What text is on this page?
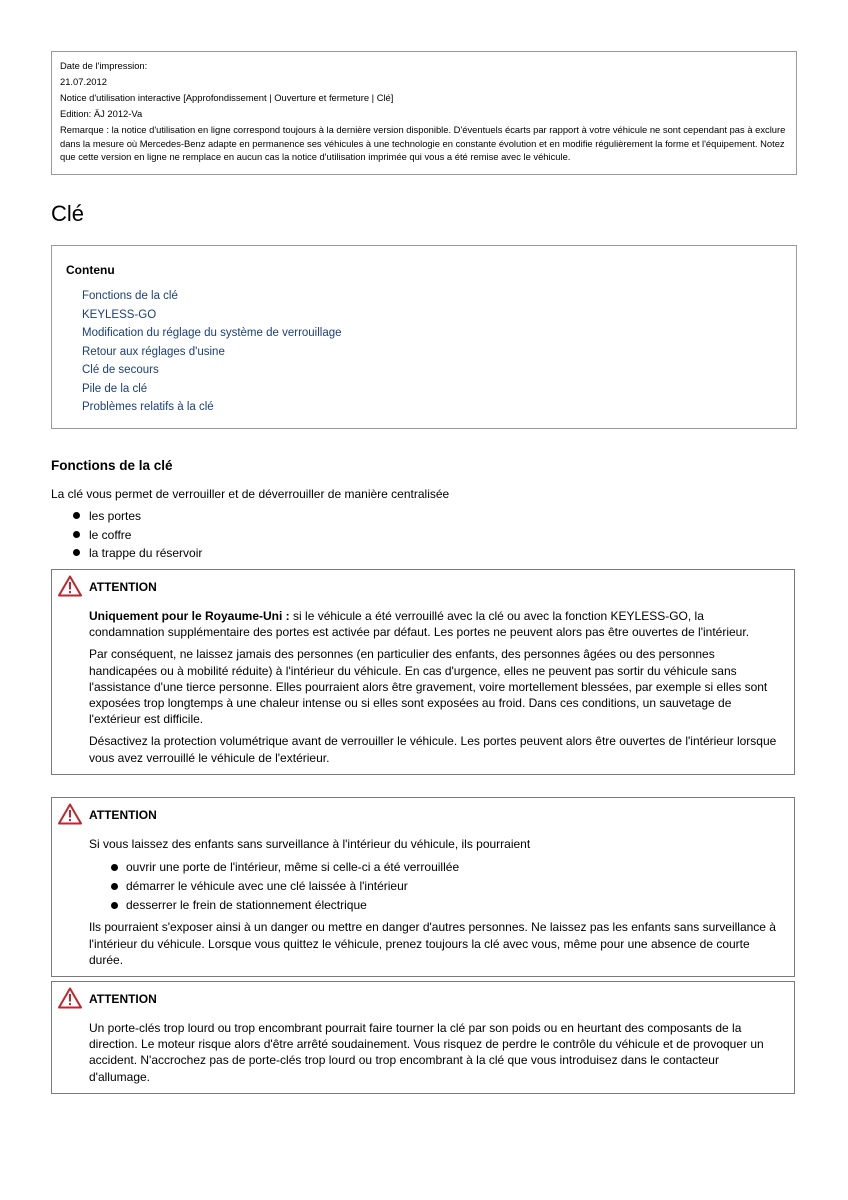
Date de l'impression:

21.07.2012

Notice d'utilisation interactive [Approfondissement | Ouverture et fermeture | Clé]

Edition: ÄJ 2012-Va

Remarque : la notice d'utilisation en ligne correspond toujours à la dernière version disponible. D'éventuels écarts par rapport à votre véhicule ne sont cependant pas à exclure dans la mesure où Mercedes-Benz adapte en permanence ses véhicules à une technologie en constante évolution et en modifie régulièrement la forme et l'équipement. Notez que cette version en ligne ne remplace en aucun cas la notice d'utilisation imprimée qui vous a été remise avec le véhicule.

Clé
Contenu
Fonctions de la clé
KEYLESS-GO
Modification du réglage du système de verrouillage
Retour aux réglages d'usine
Clé de secours
Pile de la clé
Problèmes relatifs à la clé
Fonctions de la clé

La clé vous permet de verrouiller et de déverrouiller de manière centralisée

les portes
le coffre
la trappe du réservoir
ATTENTION

Uniquement pour le Royaume-Uni : si le véhicule a été verrouillé avec la clé ou avec la fonction KEYLESS-GO, la condamnation supplémentaire des portes est activée par défaut. Les portes ne peuvent alors pas être ouvertes de l'intérieur.

Par conséquent, ne laissez jamais des personnes (en particulier des enfants, des personnes âgées ou des personnes handicapées ou à mobilité réduite) à l'intérieur du véhicule. En cas d'urgence, elles ne peuvent pas sortir du véhicule sans l'assistance d'une tierce personne. Elles pourraient alors être gravement, voire mortellement blessées, par exemple si elles sont exposées trop longtemps à une chaleur intense ou si elles sont exposées au froid. Dans ces conditions, un sauvetage de l'extérieur est difficile.

Désactivez la protection volumétrique avant de verrouiller le véhicule. Les portes peuvent alors être ouvertes de l'intérieur lorsque vous avez verrouillé le véhicule de l'extérieur.

ATTENTION

Si vous laissez des enfants sans surveillance à l'intérieur du véhicule, ils pourraient

ouvrir une porte de l'intérieur, même si celle-ci a été verrouillée
démarrer le véhicule avec une clé laissée à l'intérieur
desserrer le frein de stationnement électrique

Ils pourraient s'exposer ainsi à un danger ou mettre en danger d'autres personnes. Ne laissez pas les enfants sans surveillance à l'intérieur du véhicule. Lorsque vous quittez le véhicule, prenez toujours la clé avec vous, même pour une absence de courte durée.

ATTENTION

Un porte-clés trop lourd ou trop encombrant pourrait faire tourner la clé par son poids ou en heurtant des composants de la direction. Le moteur risque alors d'être arrêté soudainement. Vous risquez de perdre le contrôle du véhicule et de provoquer un accident. N'accrochez pas de porte-clés trop lourd ou trop encombrant à la clé que vous introduisez dans le contacteur d'allumage.
